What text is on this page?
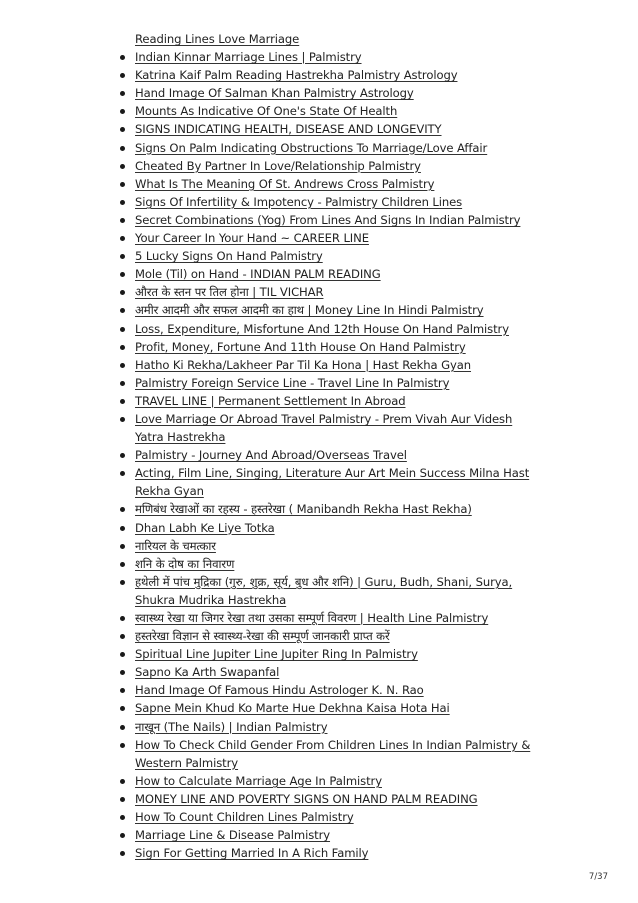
Reading Lines Love Marriage
Indian Kinnar Marriage Lines | Palmistry
Katrina Kaif Palm Reading Hastrekha Palmistry Astrology
Hand Image Of Salman Khan Palmistry Astrology
Mounts As Indicative Of One's State Of Health
SIGNS INDICATING HEALTH, DISEASE AND LONGEVITY
Signs On Palm Indicating Obstructions To Marriage/Love Affair
Cheated By Partner In Love/Relationship Palmistry
What Is The Meaning Of St. Andrews Cross Palmistry
Signs Of Infertility & Impotency - Palmistry Children Lines
Secret Combinations (Yog) From Lines And Signs In Indian Palmistry
Your Career In Your Hand ~ CAREER LINE
5 Lucky Signs On Hand Palmistry
Mole (Til) on Hand - INDIAN PALM READING
औरत के स्तन पर तिल होना | TIL VICHAR
अमीर आदमी और सफल आदमी का हाथ | Money Line In Hindi Palmistry
Loss, Expenditure, Misfortune And 12th House On Hand Palmistry
Profit, Money, Fortune And 11th House On Hand Palmistry
Hatho Ki Rekha/Lakheer Par Til Ka Hona | Hast Rekha Gyan
Palmistry Foreign Service Line - Travel Line In Palmistry
TRAVEL LINE | Permanent Settlement In Abroad
Love Marriage Or Abroad Travel Palmistry - Prem Vivah Aur Videsh Yatra Hastrekha
Palmistry - Journey And Abroad/Overseas Travel
Acting, Film Line, Singing, Literature Aur Art Mein Success Milna Hast Rekha Gyan
मणिबंध रेखाओं का रहस्य - हस्तरेखा ( Manibandh Rekha Hast Rekha)
Dhan Labh Ke Liye Totka
नारियल के चमत्कार
शनि के दोष का निवारण
हथेली में पांच मुद्रिका (गुरु, शुक्र, सूर्य, बुध और शनि) | Guru, Budh, Shani, Surya, Shukra Mudrika Hastrekha
स्वास्थ्य रेखा या जिगर रेखा तथा उसका सम्पूर्ण विवरण | Health Line Palmistry
हस्तरेखा विज्ञान से स्वास्थ्य-रेखा की सम्पूर्ण जानकारी प्राप्त करें
Spiritual Line Jupiter Line Jupiter Ring In Palmistry
Sapno Ka Arth Swapanfal
Hand Image Of Famous Hindu Astrologer K. N. Rao
Sapne Mein Khud Ko Marte Hue Dekhna Kaisa Hota Hai
नाखून (The Nails) | Indian Palmistry
How To Check Child Gender From Children Lines In Indian Palmistry & Western Palmistry
How to Calculate Marriage Age In Palmistry
MONEY LINE AND POVERTY SIGNS ON HAND PALM READING
How To Count Children Lines Palmistry
Marriage Line & Disease Palmistry
Sign For Getting Married In A Rich Family
7/37
